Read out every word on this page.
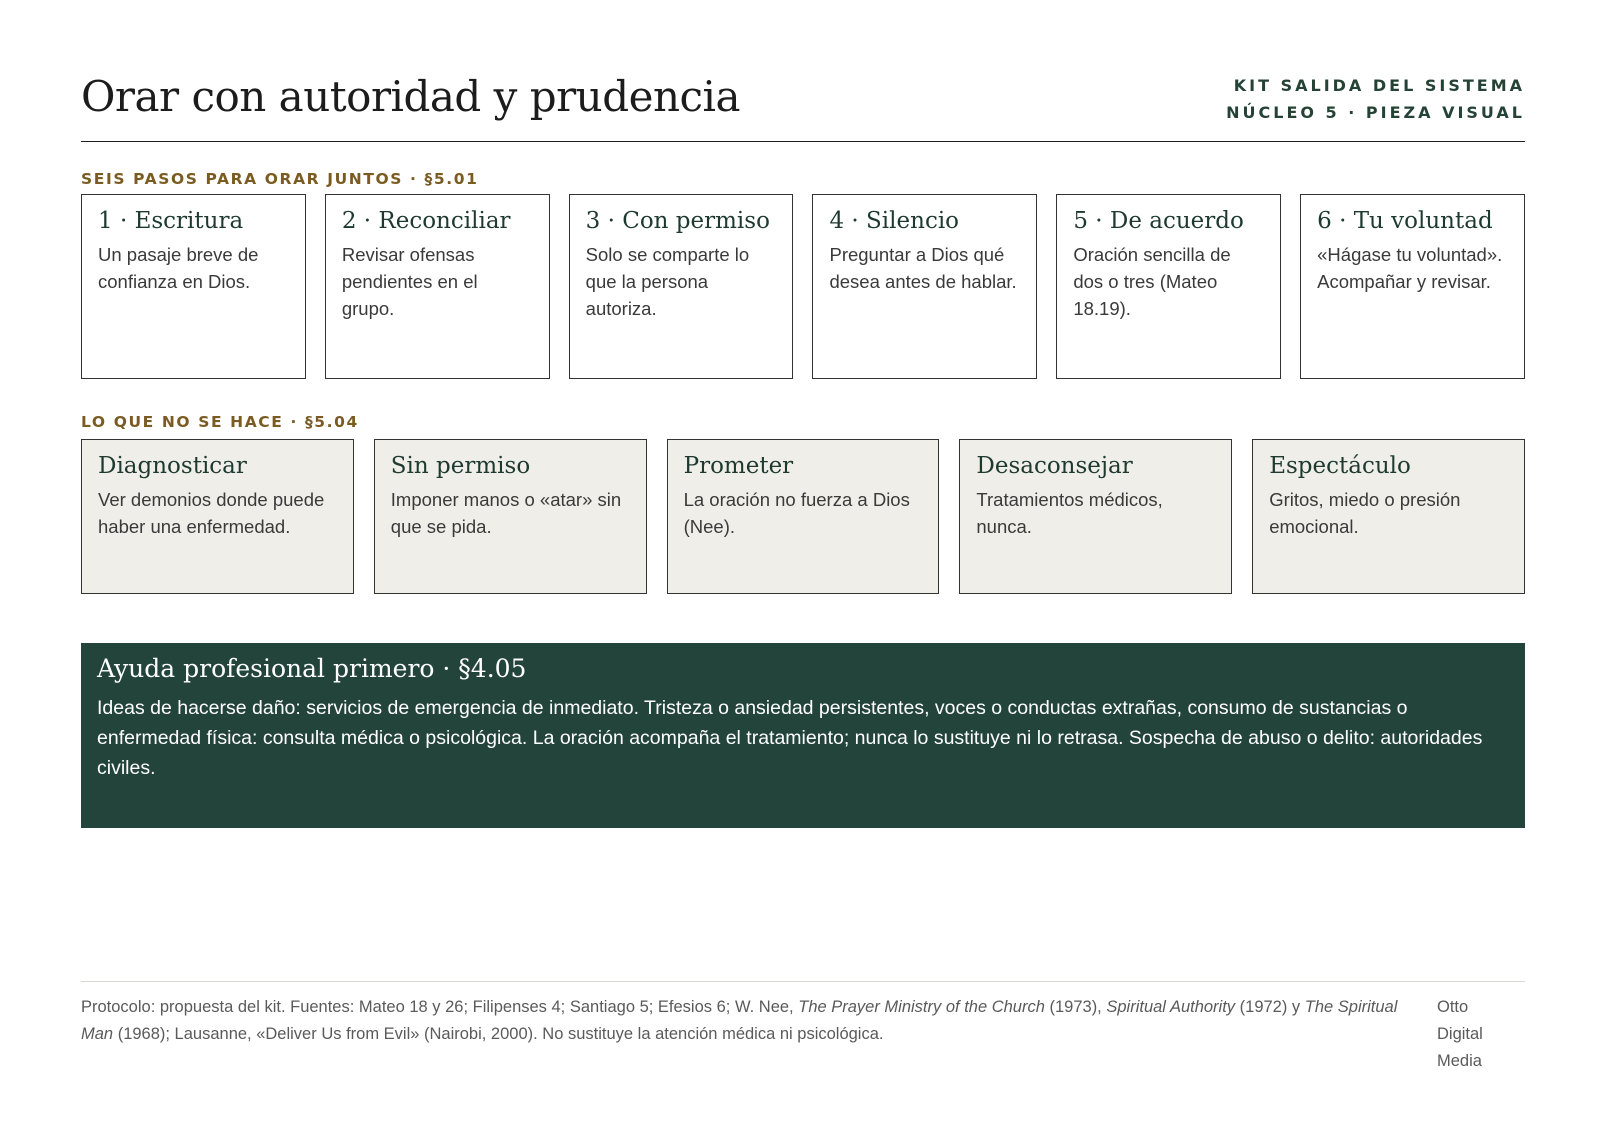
Orar con autoridad y prudencia	KIT SALIDA DEL SISTEMA
NÚCLEO 5 · PIEZA VISUAL
SEIS PASOS PARA ORAR JUNTOS · §5.01
1 · Escritura
Un pasaje breve de confianza en Dios.
2 · Reconciliar
Revisar ofensas pendientes en el grupo.
3 · Con permiso
Solo se comparte lo que la persona autoriza.
4 · Silencio
Preguntar a Dios qué desea antes de hablar.
5 · De acuerdo
Oración sencilla de dos o tres (Mateo 18.19).
6 · Tu voluntad
«Hágase tu voluntad». Acompañar y revisar.
LO QUE NO SE HACE · §5.04
Diagnosticar
Ver demonios donde puede haber una enfermedad.
Sin permiso
Imponer manos o «atar» sin que se pida.
Prometer
La oración no fuerza a Dios (Nee).
Desaconsejar
Tratamientos médicos, nunca.
Espectáculo
Gritos, miedo o presión emocional.
Ayuda profesional primero · §4.05
Ideas de hacerse daño: servicios de emergencia de inmediato. Tristeza o ansiedad persistentes, voces o conductas extrañas, consumo de sustancias o enfermedad física: consulta médica o psicológica. La oración acompaña el tratamiento; nunca lo sustituye ni lo retrasa. Sospecha de abuso o delito: autoridades civiles.
Protocolo: propuesta del kit. Fuentes: Mateo 18 y 26; Filipenses 4; Santiago 5; Efesios 6; W. Nee, The Prayer Ministry of the Church (1973), Spiritual Authority (1972) y The Spiritual Man (1968); Lausanne, «Deliver Us from Evil» (Nairobi, 2000). No sustituye la atención médica ni psicológica.
Otto
Digital
Media
